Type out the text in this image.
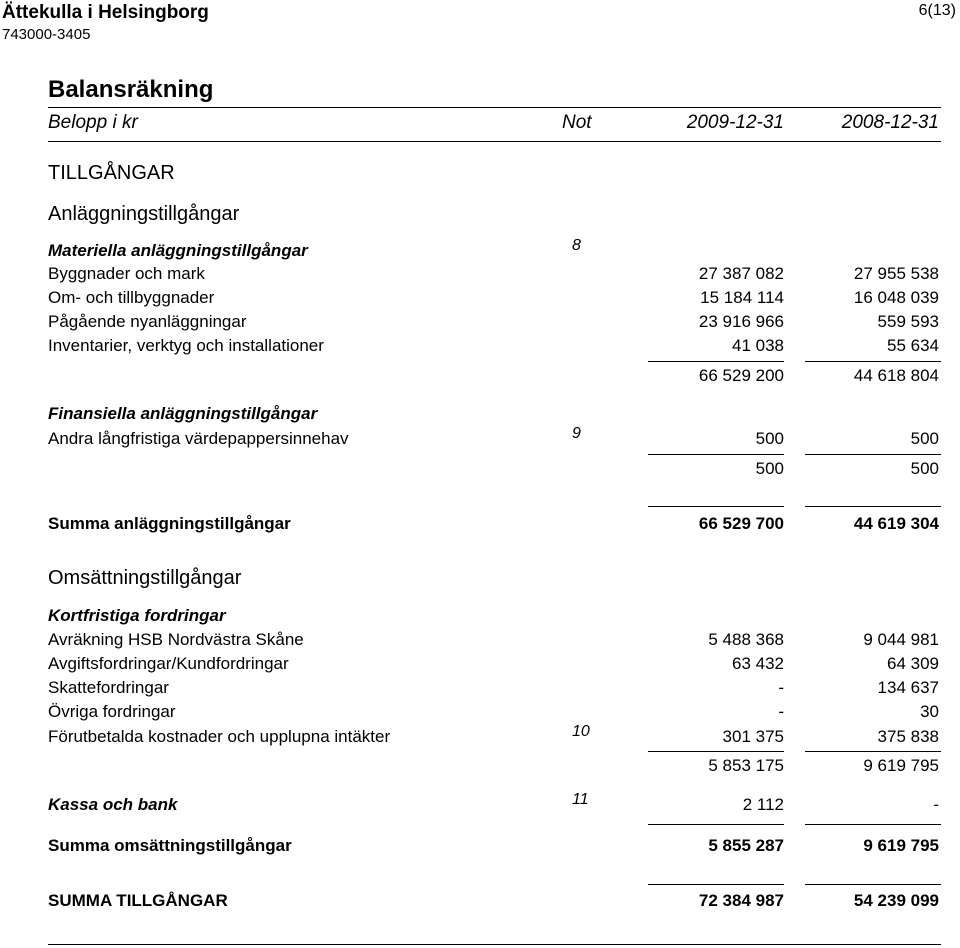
Ättekulla i Helsingborg
743000-3405
6(13)
Balansräkning
Belopp i kr	Not	2009-12-31	2008-12-31
TILLGÅNGAR
Anläggningstillgångar
Materiella anläggningstillgångar	8
Byggnader och mark	27 387 082	27 955 538
Om- och tillbyggnader	15 184 114	16 048 039
Pågående nyanläggningar	23 916 966	559 593
Inventarier, verktyg och installationer	41 038	55 634
66 529 200	44 618 804
Finansiella anläggningstillgångar
Andra långfristiga värdepappersinnehav	9	500	500
500	500
Summa anläggningstillgångar	66 529 700	44 619 304
Omsättningstillgångar
Kortfristiga fordringar
Avräkning HSB Nordvästra Skåne	5 488 368	9 044 981
Avgiftsfordringar/Kundfordringar	63 432	64 309
Skattefordringar	-	134 637
Övriga fordringar	-	30
Förutbetalda kostnader och upplupna intäkter	10	301 375	375 838
5 853 175	9 619 795
Kassa och bank	11	2 112	-
Summa omsättningstillgångar	5 855 287	9 619 795
SUMMA TILLGÅNGAR	72 384 987	54 239 099
